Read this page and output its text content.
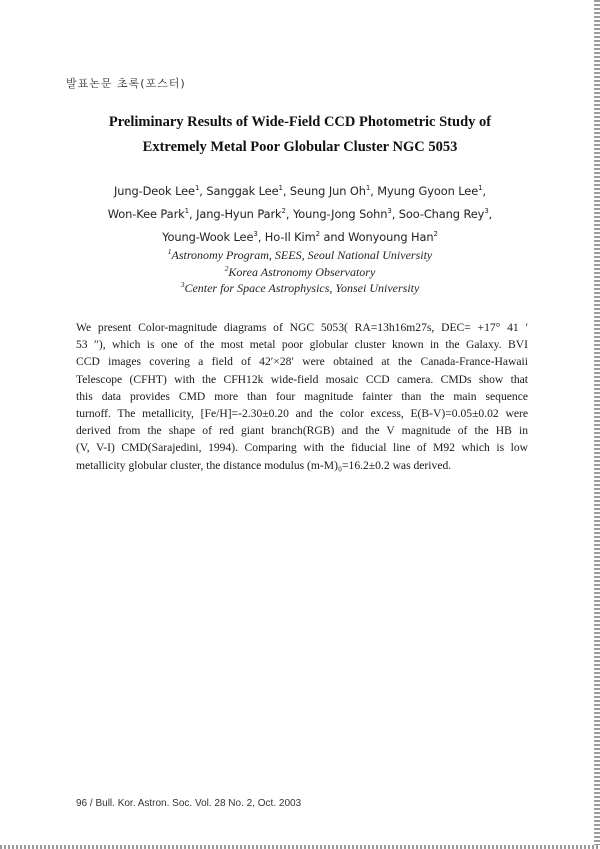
발표논문 초록(포스터)
Preliminary Results of Wide-Field CCD Photometric Study of
Extremely Metal Poor Globular Cluster NGC 5053
Jung-Deok Lee$^1$, Sanggak Lee$^1$, Seung Jun Oh$^1$, Myung Gyoon Lee$^1$,
Won-Kee Park$^1$, Jang-Hyun Park$^2$, Young-Jong Sohn$^3$, Soo-Chang Rey$^3$,
Young-Wook Lee$^3$, Ho-Il Kim$^2$ and Wonyoung Han$^2$
$^1$Astronomy Program, SEES, Seoul National University
$^2$Korea Astronomy Observatory
$^3$Center for Space Astrophysics, Yonsei University
We present Color-magnitude diagrams of NGC 5053( RA=13h16m27s, DEC= +17° 41 ′
53 ″), which is one of the most metal poor globular cluster known in the Galaxy. BVI
CCD images covering a field of 42′×28′ were obtained at the Canada-France-Hawaii
Telescope (CFHT) with the CFH12k wide-field mosaic CCD camera. CMDs show that
this data provides CMD more than four magnitude fainter than the main sequence
turnoff. The metallicity, [Fe/H]=-2.30±0.20 and the color excess, E(B-V)=0.05±0.02 were
derived from the shape of red giant branch(RGB) and the V magnitude of the HB in
(V, V-I) CMD(Sarajedini, 1994). Comparing with the fiducial line of M92 which is low
metallicity globular cluster, the distance modulus (m-M)₀=16.2±0.2 was derived.
96 / Bull. Kor. Astron. Soc. Vol. 28 No. 2, Oct. 2003
